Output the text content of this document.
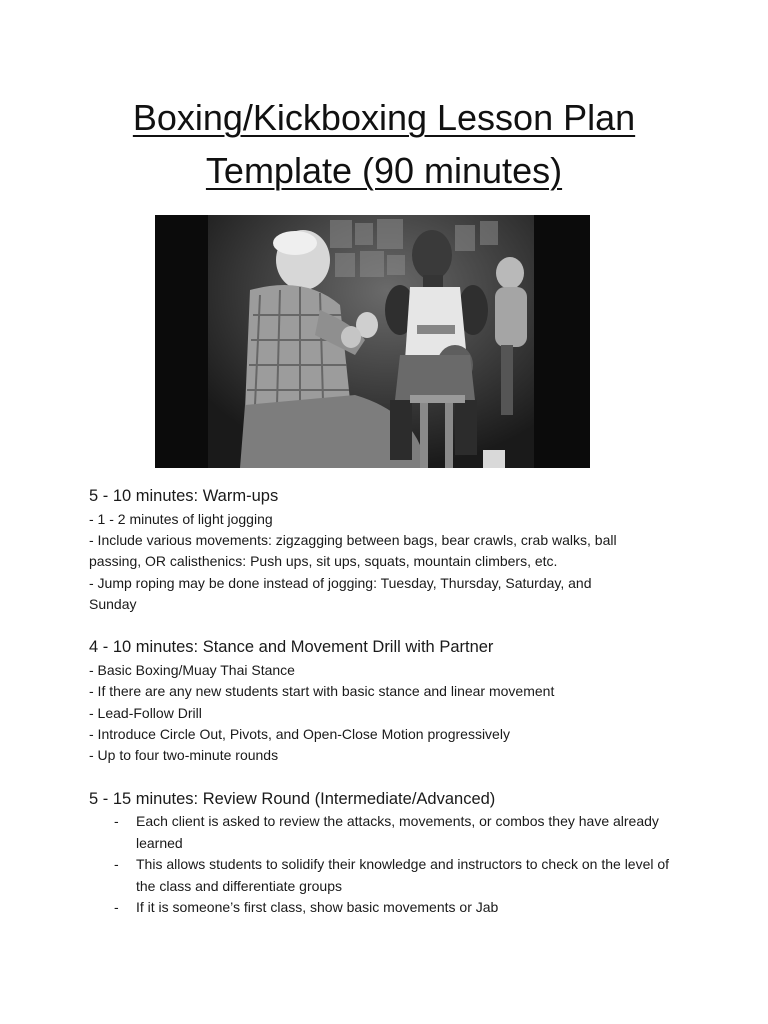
Boxing/Kickboxing Lesson Plan
Template (90 minutes)
5 - 10 minutes: Warm-ups

- 1 - 2 minutes of light jogging

- Include various movements: zigzagging between bags, bear crawls, crab walks, ball

passing, OR calisthenics: Push ups, sit ups, squats, mountain climbers, etc.

- Jump roping may be done instead of jogging: Tuesday, Thursday, Saturday, and

Sunday

4 - 10 minutes: Stance and Movement Drill with Partner

- Basic Boxing/Muay Thai Stance

- If there are any new students start with basic stance and linear movement

- Lead-Follow Drill

- Introduce Circle Out, Pivots, and Open-Close Motion progressively

- Up to four two-minute rounds

5 - 15 minutes: Review Round (Intermediate/Advanced)
- Each client is asked to review the attacks, movements, or combos they have already learned
- This allows students to solidify their knowledge and instructors to check on the level of the class and differentiate groups
- If it is someone’s first class, show basic movements or Jab
